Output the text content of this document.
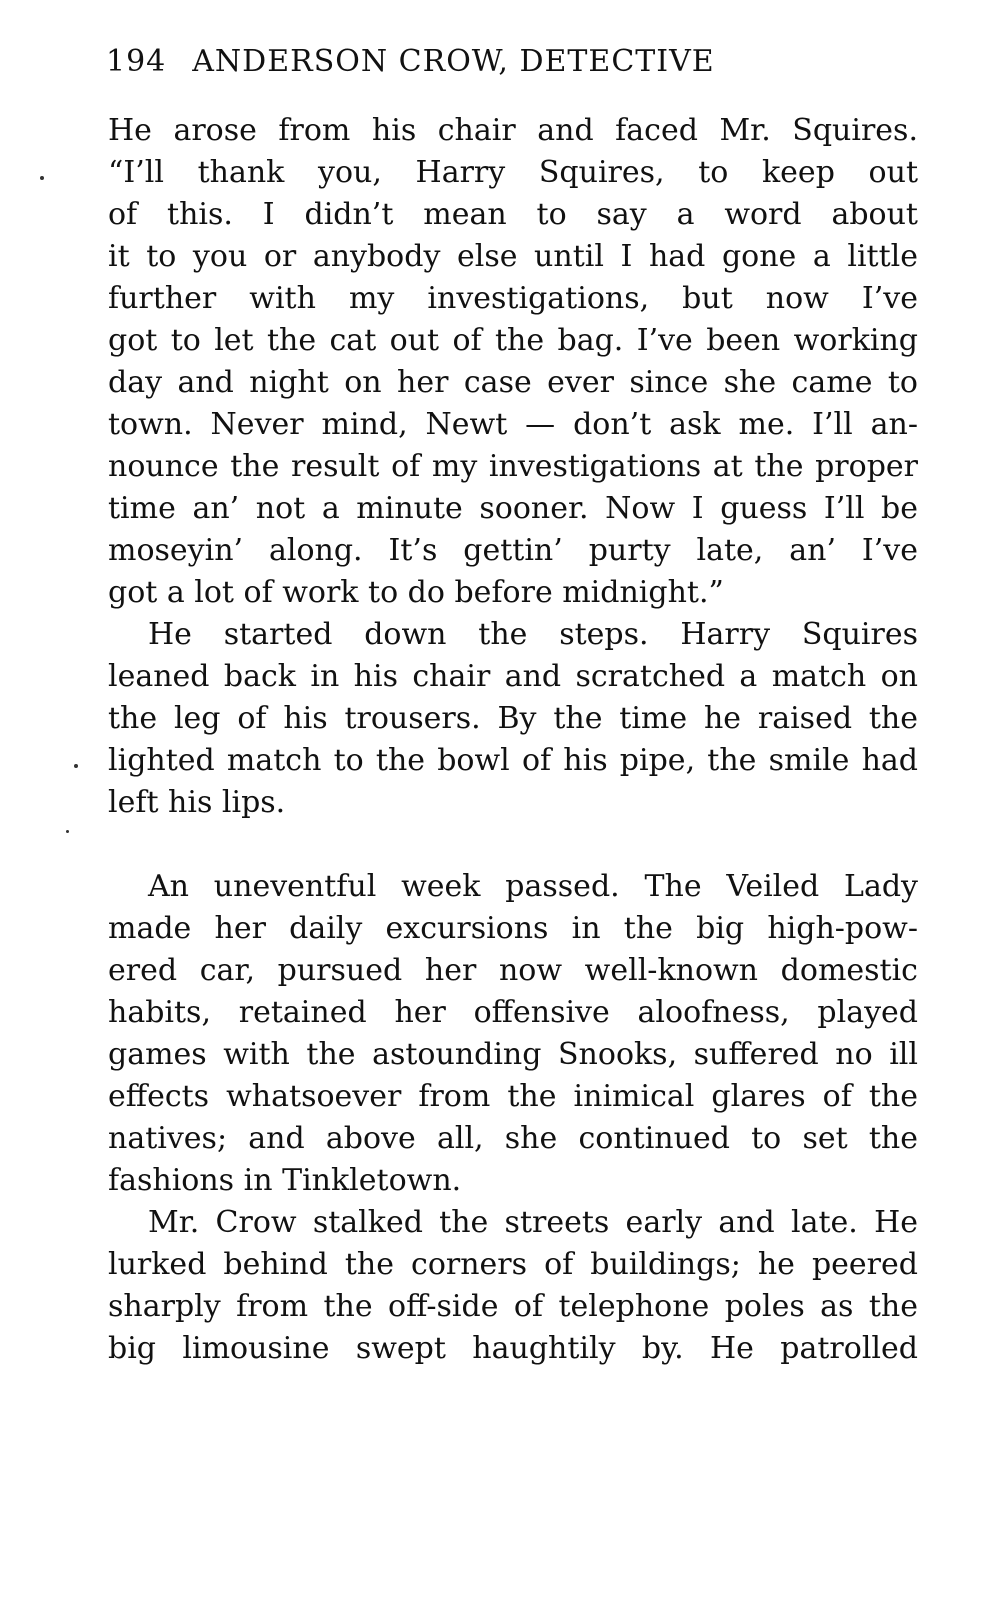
194 ANDERSON CROW, DETECTIVE
He arose from his chair and faced Mr. Squires.
“I’ll thank you, Harry Squires, to keep out
of this. I didn’t mean to say a word about
it to you or anybody else until I had gone a little
further with my investigations, but now I’ve
got to let the cat out of the bag. I’ve been working
day and night on her case ever since she came to
town. Never mind, Newt — don’t ask me. I’ll an-
nounce the result of my investigations at the proper
time an’ not a minute sooner. Now I guess I’ll be
moseyin’ along. It’s gettin’ purty late, an’ I’ve
got a lot of work to do before midnight.”
He started down the steps. Harry Squires
leaned back in his chair and scratched a match on
the leg of his trousers. By the time he raised the
lighted match to the bowl of his pipe, the smile had
left his lips.
An uneventful week passed. The Veiled Lady
made her daily excursions in the big high-pow-
ered car, pursued her now well-known domestic
habits, retained her offensive aloofness, played
games with the astounding Snooks, suffered no ill
effects whatsoever from the inimical glares of the
natives; and above all, she continued to set the
fashions in Tinkletown.
Mr. Crow stalked the streets early and late. He
lurked behind the corners of buildings; he peered
sharply from the off-side of telephone poles as the
big limousine swept haughtily by. He patrolled
